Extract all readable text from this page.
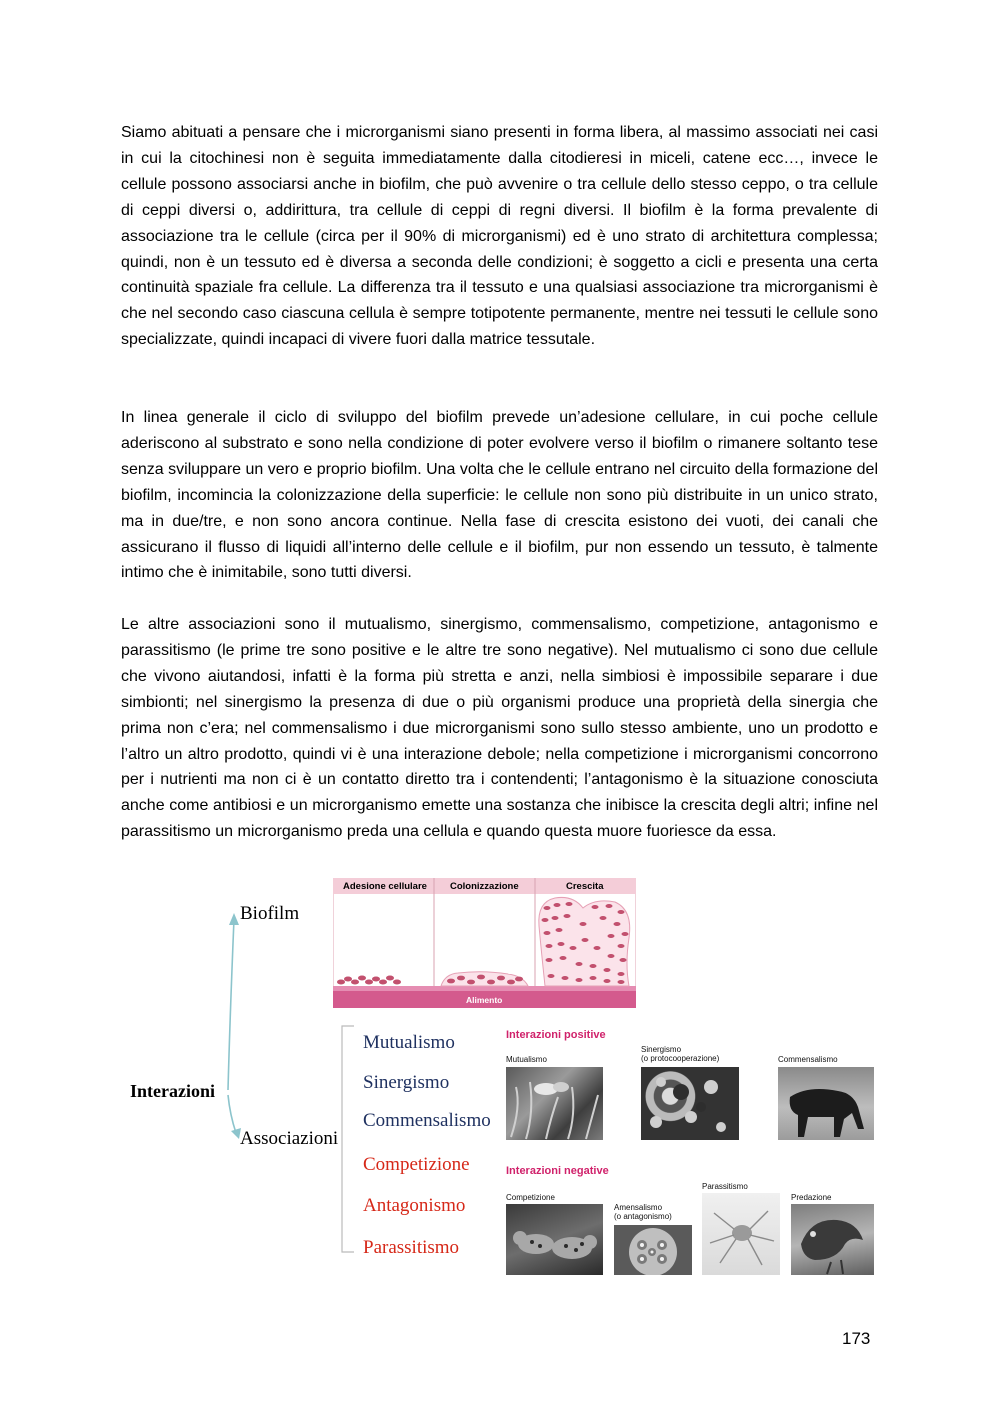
Siamo abituati a pensare che i microrganismi siano presenti in forma libera, al massimo associati nei casi in cui la citochinesi non è seguita immediatamente dalla citodieresi in miceli, catene ecc…, invece le cellule possono associarsi anche in biofilm, che può avvenire o tra cellule dello stesso ceppo, o tra cellule di ceppi diversi o, addirittura, tra cellule di ceppi di regni diversi. Il biofilm è la forma prevalente di associazione tra le cellule (circa per il 90% di microrganismi) ed è uno strato di architettura complessa; quindi, non è un tessuto ed è diversa a seconda delle condizioni; è soggetto a cicli e presenta una certa continuità spaziale fra cellule. La differenza tra il tessuto e una qualsiasi associazione tra microrganismi è che nel secondo caso ciascuna cellula è sempre totipotente permanente, mentre nei tessuti le cellule sono specializzate, quindi incapaci di vivere fuori dalla matrice tessutale.

In linea generale il ciclo di sviluppo del biofilm prevede un’adesione cellulare, in cui poche cellule aderiscono al substrato e sono nella condizione di poter evolvere verso il biofilm o rimanere soltanto tese senza sviluppare un vero e proprio biofilm. Una volta che le cellule entrano nel circuito della formazione del biofilm, incomincia la colonizzazione della superficie: le cellule non sono più distribuite in un unico strato, ma in due/tre, e non sono ancora continue. Nella fase di crescita esistono dei vuoti, dei canali che assicurano il flusso di liquidi all’interno delle cellule e il biofilm, pur non essendo un tessuto, è talmente intimo che è inimitabile, sono tutti diversi.

Le altre associazioni sono il mutualismo, sinergismo, commensalismo, competizione, antagonismo e parassitismo (le prime tre sono positive e le altre tre sono negative). Nel mutualismo ci sono due cellule che vivono aiutandosi, infatti è la forma più stretta e anzi, nella simbiosi è impossibile separare i due simbionti; nel sinergismo la presenza di due o più organismi produce una proprietà della sinergia che prima non c’era; nel commensalismo i due microrganismi sono sullo stesso ambiente, uno un prodotto e l’altro un altro prodotto, quindi vi è una interazione debole; nella competizione i microrganismi concorrono per i nutrienti ma non ci è un contatto diretto tra i contendenti; l’antagonismo è la situazione conosciuta anche come antibiosi e un microrganismo emette una sostanza che inibisce la crescita degli altri; infine nel parassitismo un microrganismo preda una cellula e quando questa muore fuoriesce da essa.

Biofilm
Interazioni
Associazioni
Adesione cellulare Colonizzazione	Crescita
Alimento
Mutualismo
Sinergismo
Commensalismo
Competizione
Antagonismo
Parassitismo
Interazioni positive
Mutualismo
Sinergismo
(o protocooperazione)	Commensalismo
Interazioni negative
Competizione
Amensalismo
(o antagonismo)
Parassitismo
Predazione
173
